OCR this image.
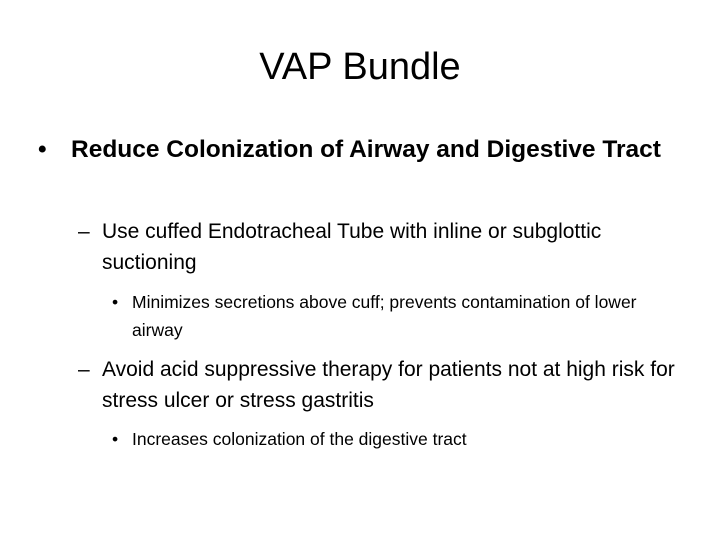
VAP Bundle
• Reduce Colonization of Airway and Digestive Tract
– Use cuffed Endotracheal Tube with inline or subglottic suctioning
• Minimizes secretions above cuff; prevents contamination of lower airway
– Avoid acid suppressive therapy for patients not at high risk for stress ulcer or stress gastritis
• Increases colonization of the digestive tract
